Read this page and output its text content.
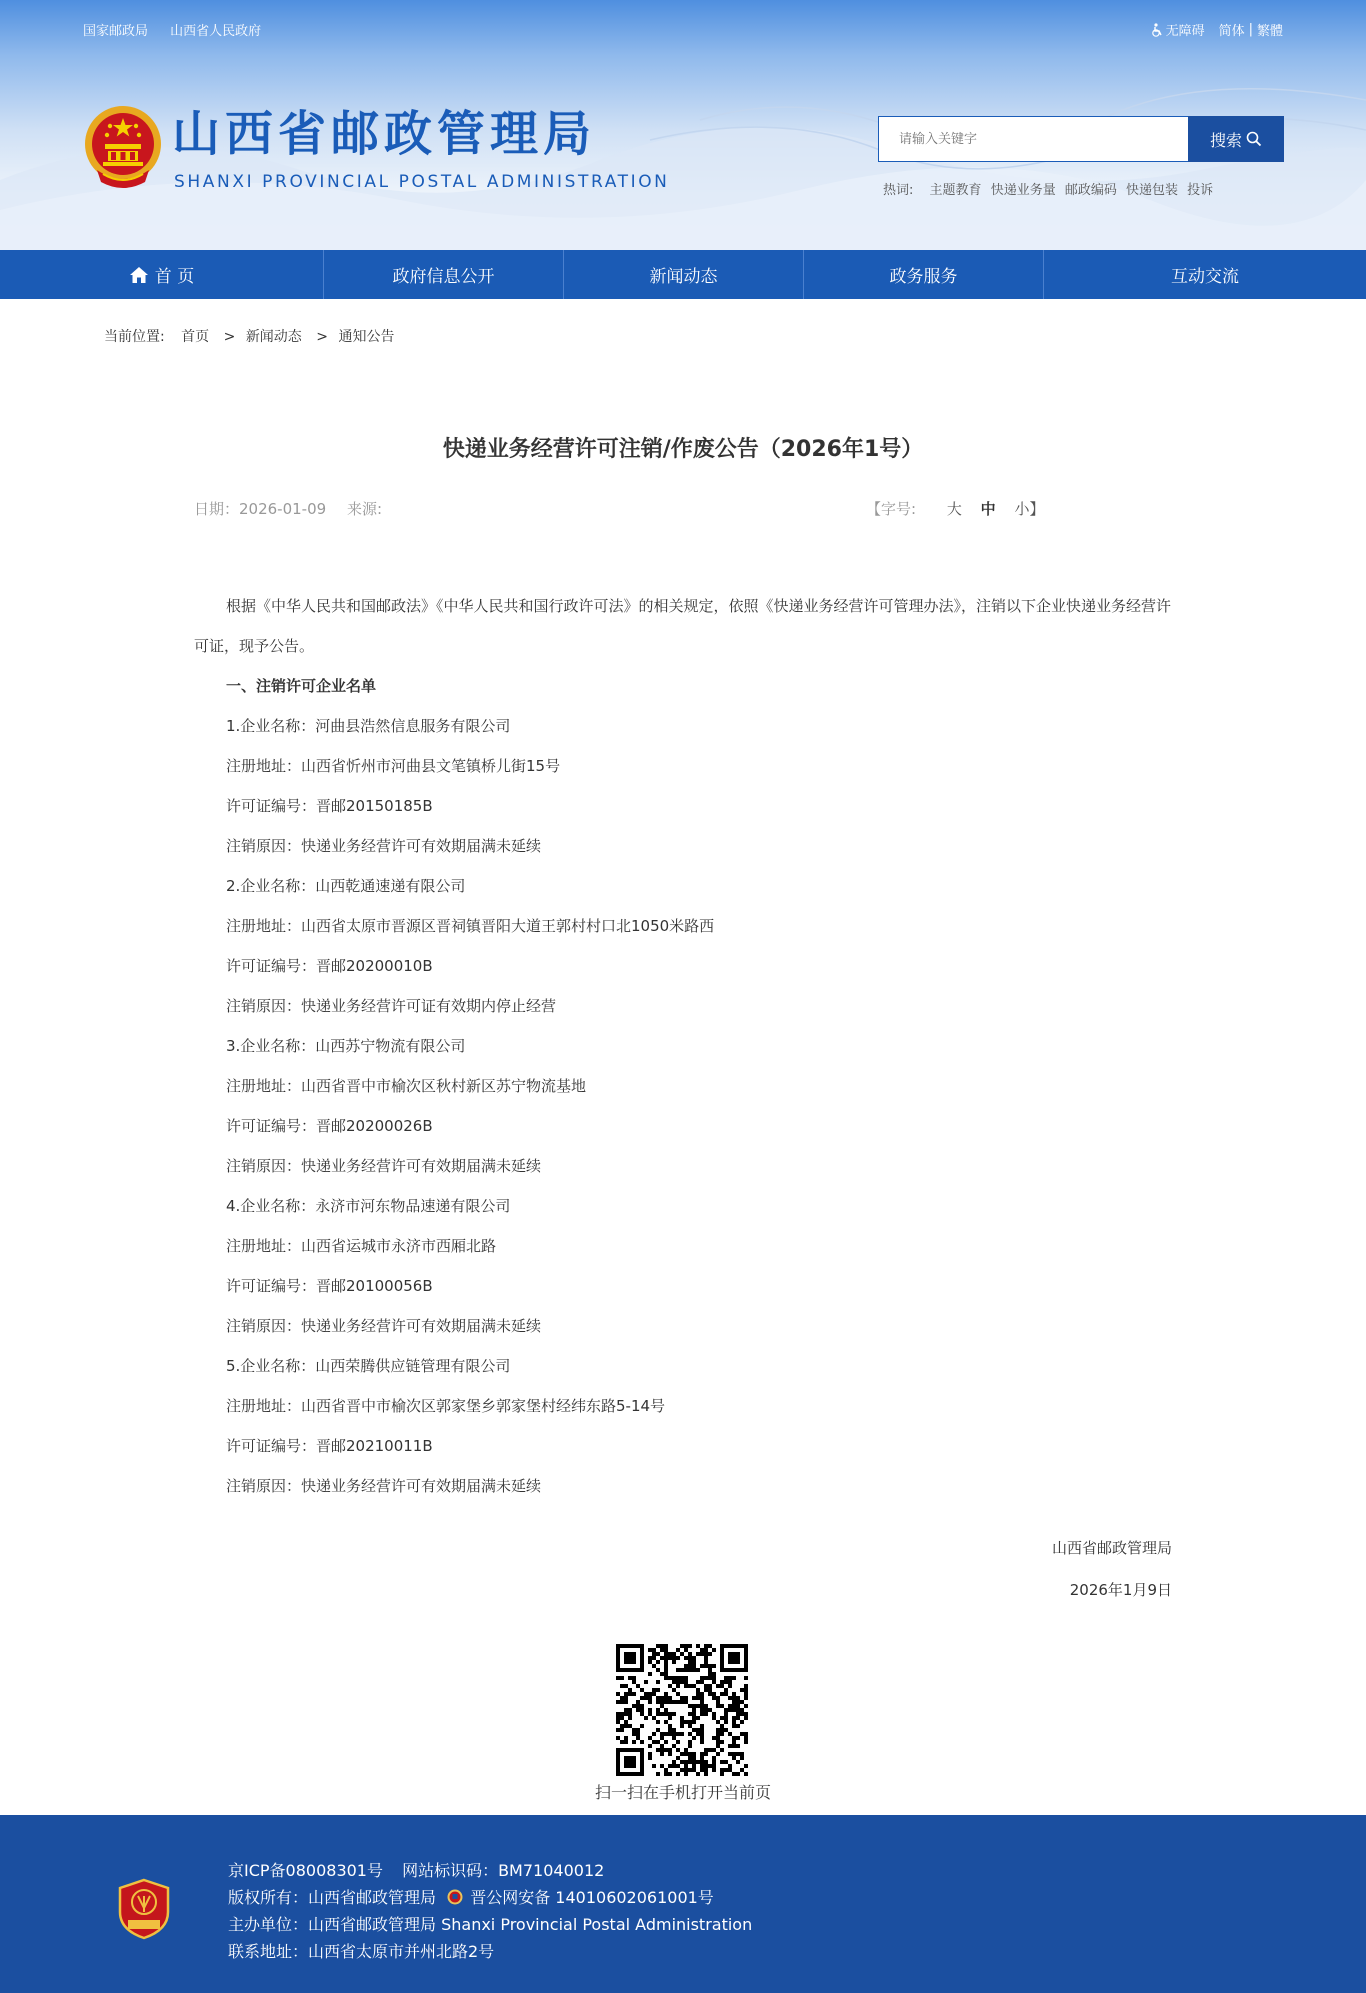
国家邮政局 山西省人民政府	无障碍 简体 | 繁體
山西省邮政管理局
SHANXI PROVINCIAL POSTAL ADMINISTRATION
请输入关键字
搜索
热词: 主题教育 快递业务量 邮政编码 快递包装 投诉
首 页	政府信息公开	新闻动态	政务服务	互动交流
当前位置: 首页 > 新闻动态 > 通知公告
快递业务经营许可注销/作废公告（2026年1号）
日期：2026-01-09 来源:	【字号: 大 中 小】

根据《中华人民共和国邮政法》《中华人民共和国行政许可法》的相关规定，依照《快递业务经营许可管理办法》，注销以下企业快递业务经营许可证，现予公告。

一、注销许可企业名单

1.企业名称：河曲县浩然信息服务有限公司

注册地址：山西省忻州市河曲县文笔镇桥儿街15号

许可证编号：晋邮20150185B

注销原因：快递业务经营许可有效期届满未延续

2.企业名称：山西乾通速递有限公司

注册地址：山西省太原市晋源区晋祠镇晋阳大道王郭村村口北1050米路西

许可证编号：晋邮20200010B

注销原因：快递业务经营许可证有效期内停止经营

3.企业名称：山西苏宁物流有限公司

注册地址：山西省晋中市榆次区秋村新区苏宁物流基地

许可证编号：晋邮20200026B

注销原因：快递业务经营许可有效期届满未延续

4.企业名称：永济市河东物品速递有限公司

注册地址：山西省运城市永济市西厢北路

许可证编号：晋邮20100056B

注销原因：快递业务经营许可有效期届满未延续

5.企业名称：山西荣腾供应链管理有限公司

注册地址：山西省晋中市榆次区郭家堡乡郭家堡村经纬东路5-14号

许可证编号：晋邮20210011B

注销原因：快递业务经营许可有效期届满未延续

山西省邮政管理局
2026年1月9日
扫一扫在手机打开当前页
京ICP备08008301号 网站标识码：BM71040012
版权所有：山西省邮政管理局 晋公网安备 14010602061001号
主办单位：山西省邮政管理局 Shanxi Provincial Postal Administration
联系地址：山西省太原市并州北路2号
